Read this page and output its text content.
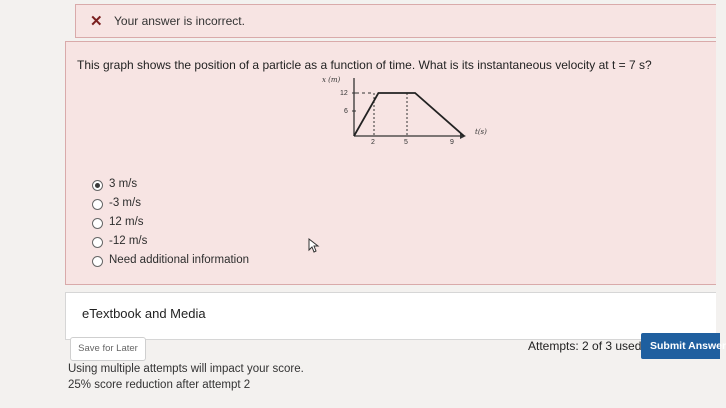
✕ Your answer is incorrect.
This graph shows the position of a particle as a function of time. What is its instantaneous velocity at t = 7 s?
x (m)
t(s)
12
6
2	5	9
3 m/s
-3 m/s
12 m/s
-12 m/s
Need additional information
eTextbook and Media
Save for Later	Attempts: 2 of 3 used Submit Answer
Using multiple attempts will impact your score.
25% score reduction after attempt 2
